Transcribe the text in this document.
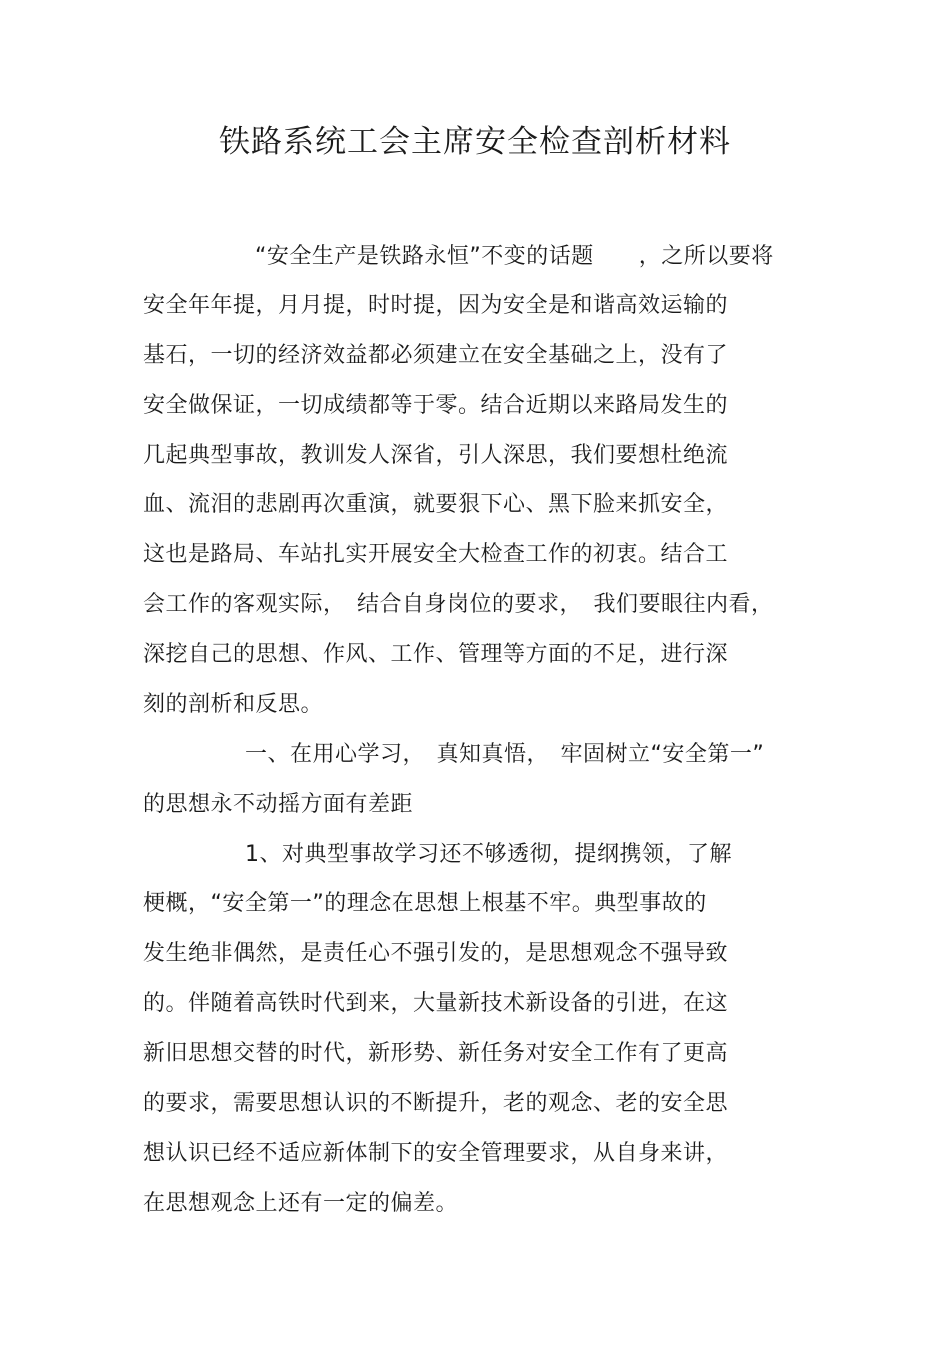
铁路系统工会主席安全检查剖析材料

“安全生产是铁路永恒”不变的话题　　，之所以要将

安全年年提，月月提，时时提，因为安全是和谐高效运输的

基石，一切的经济效益都必须建立在安全基础之上，没有了

安全做保证，一切成绩都等于零。结合近期以来路局发生的

几起典型事故，教训发人深省，引人深思，我们要想杜绝流

血、流泪的悲剧再次重演，就要狠下心、黑下脸来抓安全，

这也是路局、车站扎实开展安全大检查工作的初衷。结合工

会工作的客观实际，　结合自身岗位的要求，　我们要眼往内看，

深挖自己的思想、作风、工作、管理等方面的不足，进行深

刻的剖析和反思。

一、在用心学习，　真知真悟，　牢固树立“安全第一”

的思想永不动摇方面有差距

1、对典型事故学习还不够透彻，提纲携领，了解

梗概，“安全第一”的理念在思想上根基不牢。典型事故的

发生绝非偶然，是责任心不强引发的，是思想观念不强导致

的。伴随着高铁时代到来，大量新技术新设备的引进，在这

新旧思想交替的时代，新形势、新任务对安全工作有了更高

的要求，需要思想认识的不断提升，老的观念、老的安全思

想认识已经不适应新体制下的安全管理要求，从自身来讲，

在思想观念上还有一定的偏差。
